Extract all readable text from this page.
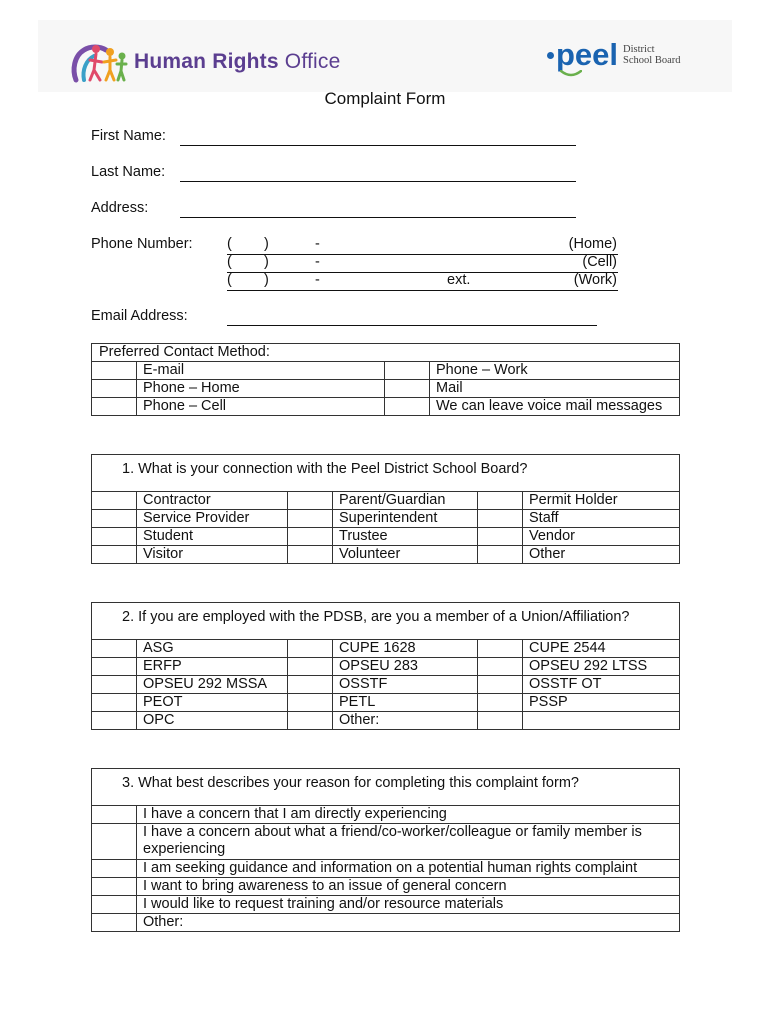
Human Rights Office	peel District
School Board
Complaint Form
First Name:
Last Name:
Address:
Phone Number: ( )	-	(Home)
( )	-	(Cell)
( )	-	ext.	(Work)
Email Address:
Preferred Contact Method:			
	E-mail		Phone – Work
	Phone – Home		Mail
	Phone – Cell		We can leave voice mail messages
1. What is your connection with the Peel District School Board?
	Contractor		Parent/Guardian		Permit Holder
	Service Provider		Superintendent		Staff
	Student		Trustee		Vendor
	Visitor		Volunteer		Other
2. If you are employed with the PDSB, are you a member of a Union/Affiliation?
	ASG		CUPE 1628		CUPE 2544
	ERFP		OPSEU 283		OPSEU 292 LTSS
	OPSEU 292 MSSA		OSSTF		OSSTF OT
	PEOT		PETL		PSSP
	OPC		Other:		
3. What best describes your reason for completing this complaint form?
	I have a concern that I am directly experiencing

	I have a concern about what a friend/co-worker/colleague or family member is
experiencing

	I am seeking guidance and information on a potential human rights complaint
	I want to bring awareness to an issue of general concern
	I would like to request training and/or resource materials
	Other:
